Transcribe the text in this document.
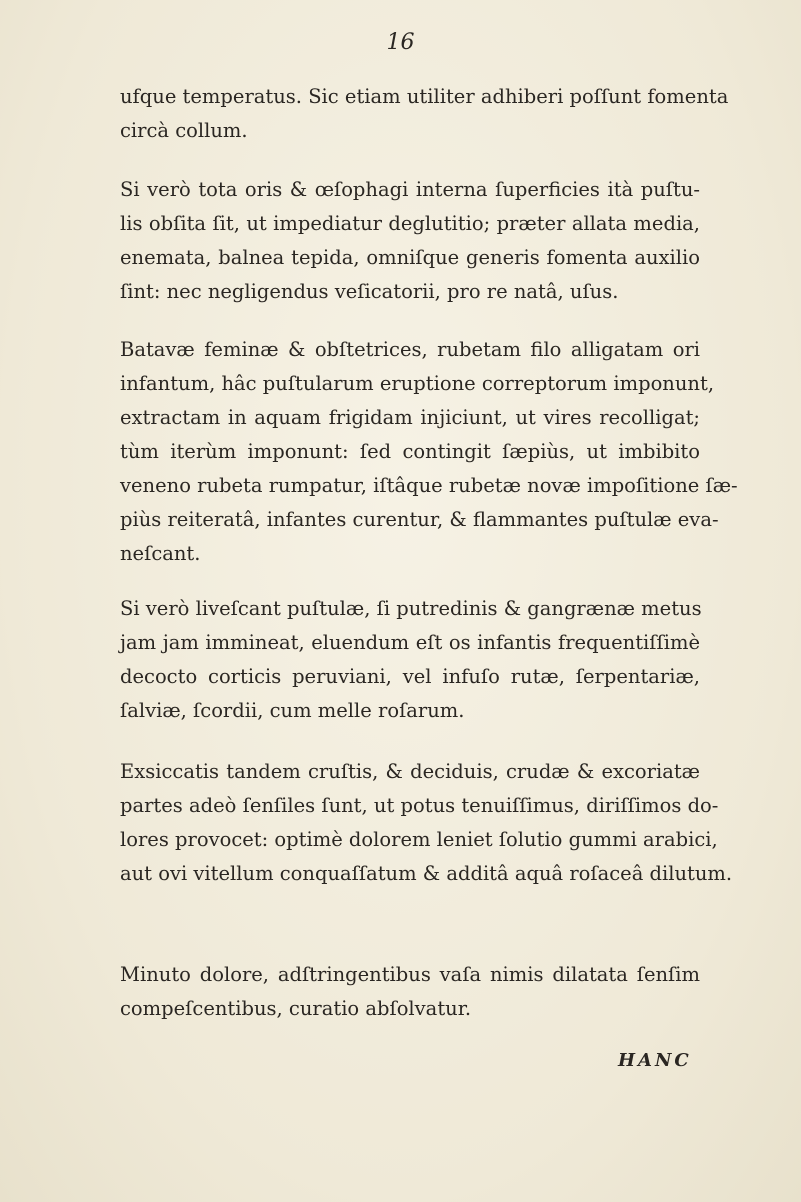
16
ufque temperatus. Sic etiam utiliter adhiberi poſſunt fomenta
circà collum.
Si verò tota oris & œſophagi interna ſuperficies ità puſtu-
lis obſita ſit, ut impediatur deglutitio; præter allata media,
enemata, balnea tepida, omniſque generis fomenta auxilio
ſint: nec negligendus veſicatorii, pro re natâ, uſus.
Batavæ feminæ & obſtetrices, rubetam filo alligatam ori
infantum, hâc puſtularum eruptione correptorum imponunt,
extractam in aquam frigidam injiciunt, ut vires recolligat;
tùm iterùm imponunt: ſed contingit ſæpiùs, ut imbibito
veneno rubeta rumpatur, iſtâque rubetæ novæ impoſitione ſæ-
piùs reiteratâ, infantes curentur, & flammantes puſtulæ eva-
neſcant.
Si verò liveſcant puſtulæ, ſi putredinis & gangrænæ metus
jam jam immineat, eluendum eſt os infantis frequentiſſimè
decocto corticis peruviani, vel infuſo rutæ, ſerpentariæ,
ſalviæ, ſcordii, cum melle roſarum.
Exsiccatis tandem cruſtis, & deciduis, crudæ & excoriatæ
partes adeò ſenſiles ſunt, ut potus tenuiſſimus, diriſſimos do-
lores provocet: optimè dolorem leniet ſolutio gummi arabici,
aut ovi vitellum conquaſſatum & additâ aquâ roſaceâ dilutum.
Minuto dolore, adſtringentibus vaſa nimis dilatata ſenſim
compeſcentibus, curatio abſolvatur.
HANC
